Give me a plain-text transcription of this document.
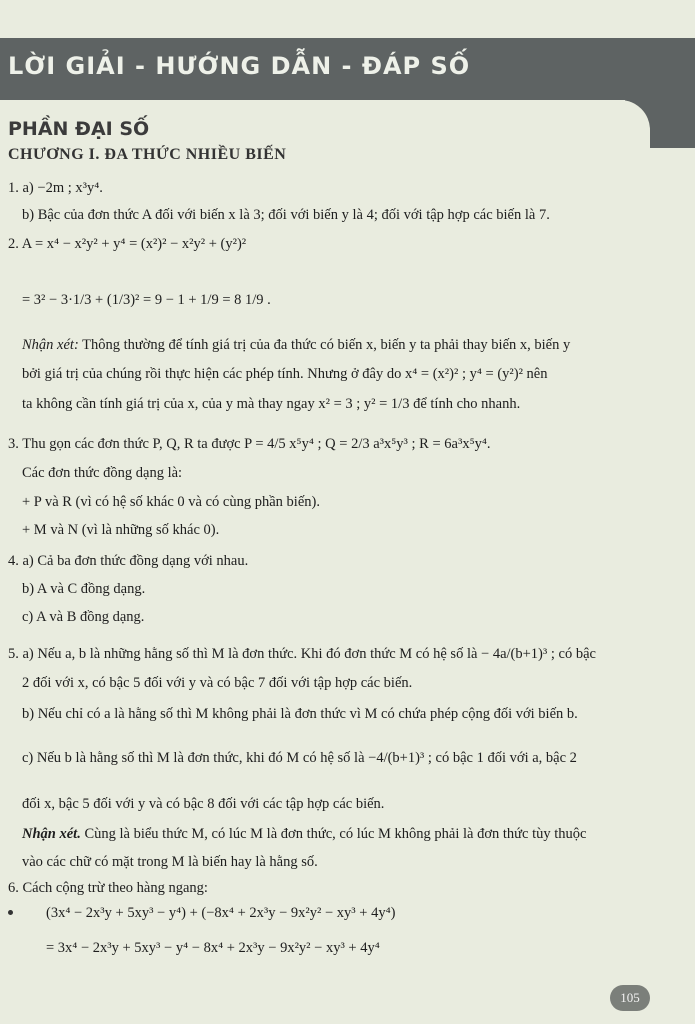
LỜI GIẢI - HƯỚNG DẪN - ĐÁP SỐ
PHẦN ĐẠI SỐ
CHƯƠNG I. ĐA THỨC NHIỀU BIẾN
1. a) −2m ; x³y⁴.
b) Bậc của đơn thức A đối với biến x là 3; đối với biến y là 4; đối với tập hợp các biến là 7.
2. A = x⁴ − x²y² + y⁴ = (x²)² − x²y² + (y²)²
= 3² − 3·1/3 + (1/3)² = 9 − 1 + 1/9 = 8 1/9 .
Nhận xét: Thông thường để tính giá trị của đa thức có biến x, biến y ta phải thay biến x, biến y
bởi giá trị của chúng rồi thực hiện các phép tính. Nhưng ở đây do x⁴ = (x²)² ; y⁴ = (y²)² nên
ta không cần tính giá trị của x, của y mà thay ngay x² = 3 ; y² = 1/3 để tính cho nhanh.
3. Thu gọn các đơn thức P, Q, R ta được P = 4/5 x⁵y⁴ ; Q = 2/3 a³x⁵y³ ; R = 6a³x⁵y⁴.
Các đơn thức đồng dạng là:
+ P và R (vì có hệ số khác 0 và có cùng phần biến).
+ M và N (vì là những số khác 0).
4. a) Cả ba đơn thức đồng dạng với nhau.
b) A và C đồng dạng.
c) A và B đồng dạng.
5. a) Nếu a, b là những hằng số thì M là đơn thức. Khi đó đơn thức M có hệ số là − 4a/(b+1)³ ; có bậc
2 đối với x, có bậc 5 đối với y và có bậc 7 đối với tập hợp các biến.
b) Nếu chỉ có a là hằng số thì M không phải là đơn thức vì M có chứa phép cộng đối với biến b.
c) Nếu b là hằng số thì M là đơn thức, khi đó M có hệ số là −4/(b+1)³ ; có bậc 1 đối với a, bậc 2
đối x, bậc 5 đối với y và có bậc 8 đối với các tập hợp các biến.
Nhận xét. Cùng là biểu thức M, có lúc M là đơn thức, có lúc M không phải là đơn thức tùy thuộc
vào các chữ có mặt trong M là biến hay là hằng số.
6. Cách cộng trừ theo hàng ngang:
(3x⁴ − 2x³y + 5xy³ − y⁴) + (−8x⁴ + 2x³y − 9x²y² − xy³ + 4y⁴)
= 3x⁴ − 2x³y + 5xy³ − y⁴ − 8x⁴ + 2x³y − 9x²y² − xy³ + 4y⁴
105
